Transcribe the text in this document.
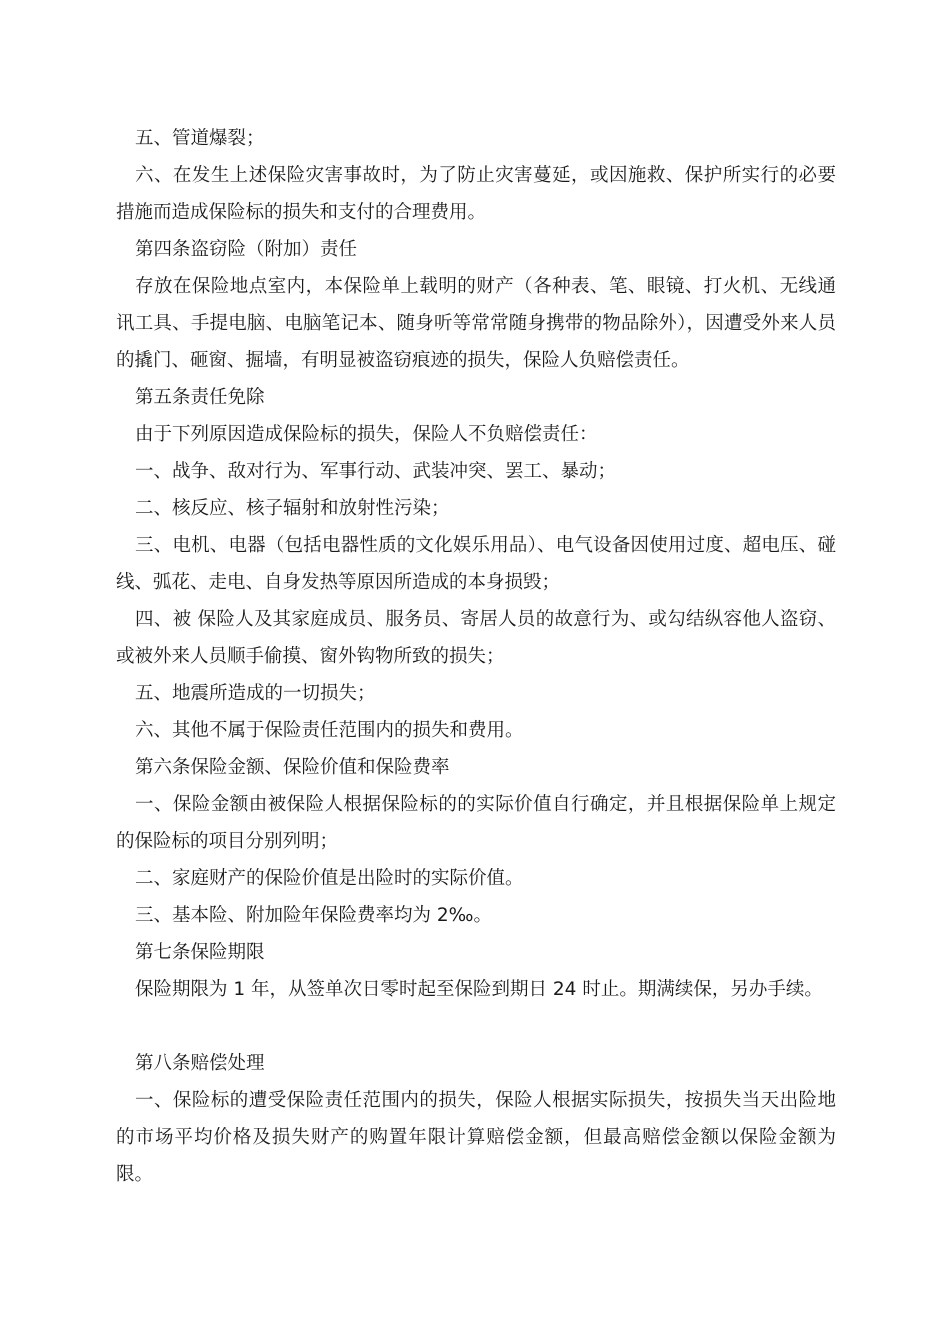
五、管道爆裂；

六、在发生上述保险灾害事故时，为了防止灾害蔓延，或因施救、保护所实行的必要措施而造成保险标的损失和支付的合理费用。

第四条盗窃险（附加）责任

存放在保险地点室内，本保险单上载明的财产（各种表、笔、眼镜、打火机、无线通讯工具、手提电脑、电脑笔记本、随身听等常常随身携带的物品除外），因遭受外来人员的撬门、砸窗、掘墙，有明显被盗窃痕迹的损失，保险人负赔偿责任。

第五条责任免除

由于下列原因造成保险标的损失，保险人不负赔偿责任：

一、战争、敌对行为、军事行动、武装冲突、罢工、暴动；

二、核反应、核子辐射和放射性污染；

三、电机、电器（包括电器性质的文化娱乐用品）、电气设备因使用过度、超电压、碰线、弧花、走电、自身发热等原因所造成的本身损毁；

四、被 保险人及其家庭成员、服务员、寄居人员的故意行为、或勾结纵容他人盗窃、或被外来人员顺手偷摸、窗外钩物所致的损失；

五、地震所造成的一切损失；

六、其他不属于保险责任范围内的损失和费用。

第六条保险金额、保险价值和保险费率

一、保险金额由被保险人根据保险标的的实际价值自行确定，并且根据保险单上规定的保险标的项目分别列明；

二、家庭财产的保险价值是出险时的实际价值。

三、基本险、附加险年保险费率均为 2‰。

第七条保险期限

保险期限为 1 年，从签单次日零时起至保险到期日 24 时止。期满续保，另办手续。

第八条赔偿处理

一、保险标的遭受保险责任范围内的损失，保险人根据实际损失，按损失当天出险地的市场平均价格及损失财产的购置年限计算赔偿金额，但最高赔偿金额以保险金额为限。
